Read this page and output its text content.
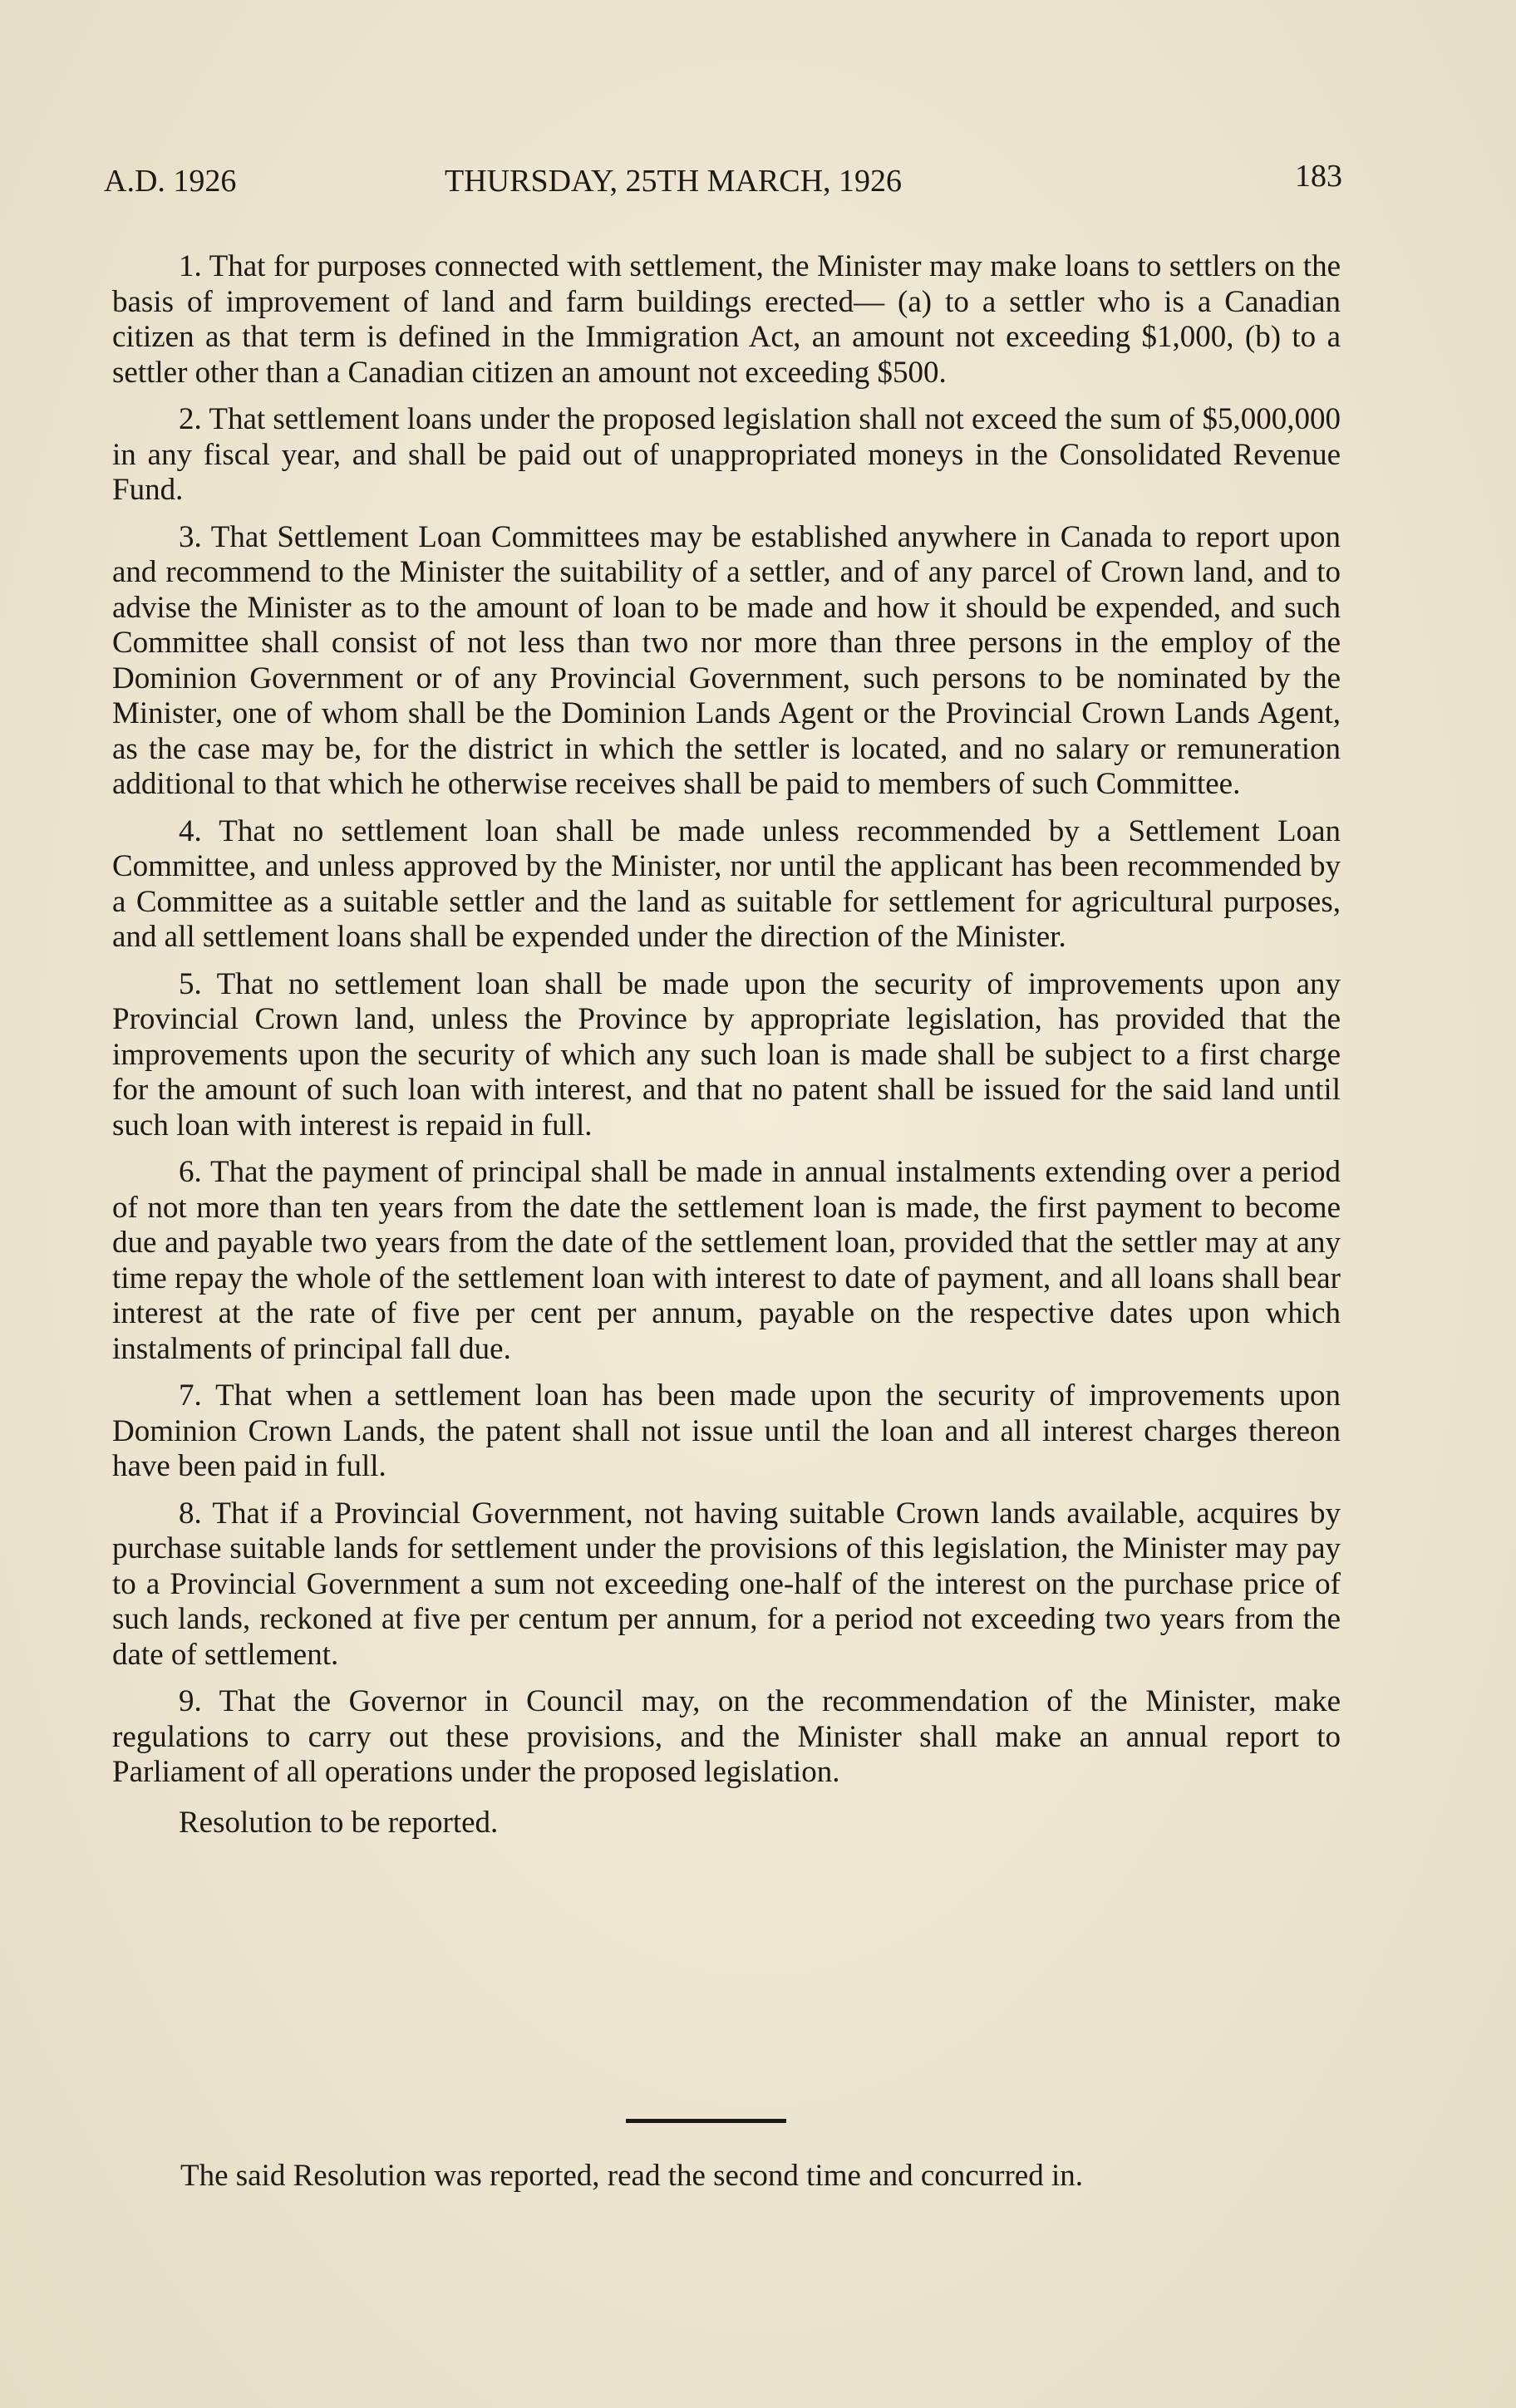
A.D. 1926	THURSDAY, 25TH MARCH, 1926	183

1. That for purposes connected with settlement, the Minister may make loans to settlers on the basis of improvement of land and farm buildings erected— (a) to a settler who is a Canadian citizen as that term is defined in the Immigration Act, an amount not exceeding $1,000, (b) to a settler other than a Canadian citizen an amount not exceeding $500.

2. That settlement loans under the proposed legislation shall not exceed the sum of $5,000,000 in any fiscal year, and shall be paid out of unappropriated moneys in the Consolidated Revenue Fund.

3. That Settlement Loan Committees may be established anywhere in Canada to report upon and recommend to the Minister the suitability of a settler, and of any parcel of Crown land, and to advise the Minister as to the amount of loan to be made and how it should be expended, and such Committee shall consist of not less than two nor more than three persons in the employ of the Dominion Government or of any Provincial Government, such persons to be nominated by the Minister, one of whom shall be the Dominion Lands Agent or the Provincial Crown Lands Agent, as the case may be, for the district in which the settler is located, and no salary or remuneration additional to that which he otherwise receives shall be paid to members of such Committee.

4. That no settlement loan shall be made unless recommended by a Settlement Loan Committee, and unless approved by the Minister, nor until the applicant has been recommended by a Committee as a suitable settler and the land as suitable for settlement for agricultural purposes, and all settlement loans shall be expended under the direction of the Minister.

5. That no settlement loan shall be made upon the security of improvements upon any Provincial Crown land, unless the Province by appropriate legislation, has provided that the improvements upon the security of which any such loan is made shall be subject to a first charge for the amount of such loan with interest, and that no patent shall be issued for the said land until such loan with interest is repaid in full.

6. That the payment of principal shall be made in annual instalments extending over a period of not more than ten years from the date the settlement loan is made, the first payment to become due and payable two years from the date of the settlement loan, provided that the settler may at any time repay the whole of the settlement loan with interest to date of payment, and all loans shall bear interest at the rate of five per cent per annum, payable on the respective dates upon which instalments of principal fall due.

7. That when a settlement loan has been made upon the security of improvements upon Dominion Crown Lands, the patent shall not issue until the loan and all interest charges thereon have been paid in full.

8. That if a Provincial Government, not having suitable Crown lands available, acquires by purchase suitable lands for settlement under the provisions of this legislation, the Minister may pay to a Provincial Government a sum not exceeding one-half of the interest on the purchase price of such lands, reckoned at five per centum per annum, for a period not exceeding two years from the date of settlement.

9. That the Governor in Council may, on the recommendation of the Minister, make regulations to carry out these provisions, and the Minister shall make an annual report to Parliament of all operations under the proposed legislation.

Resolution to be reported.

The said Resolution was reported, read the second time and concurred in.
